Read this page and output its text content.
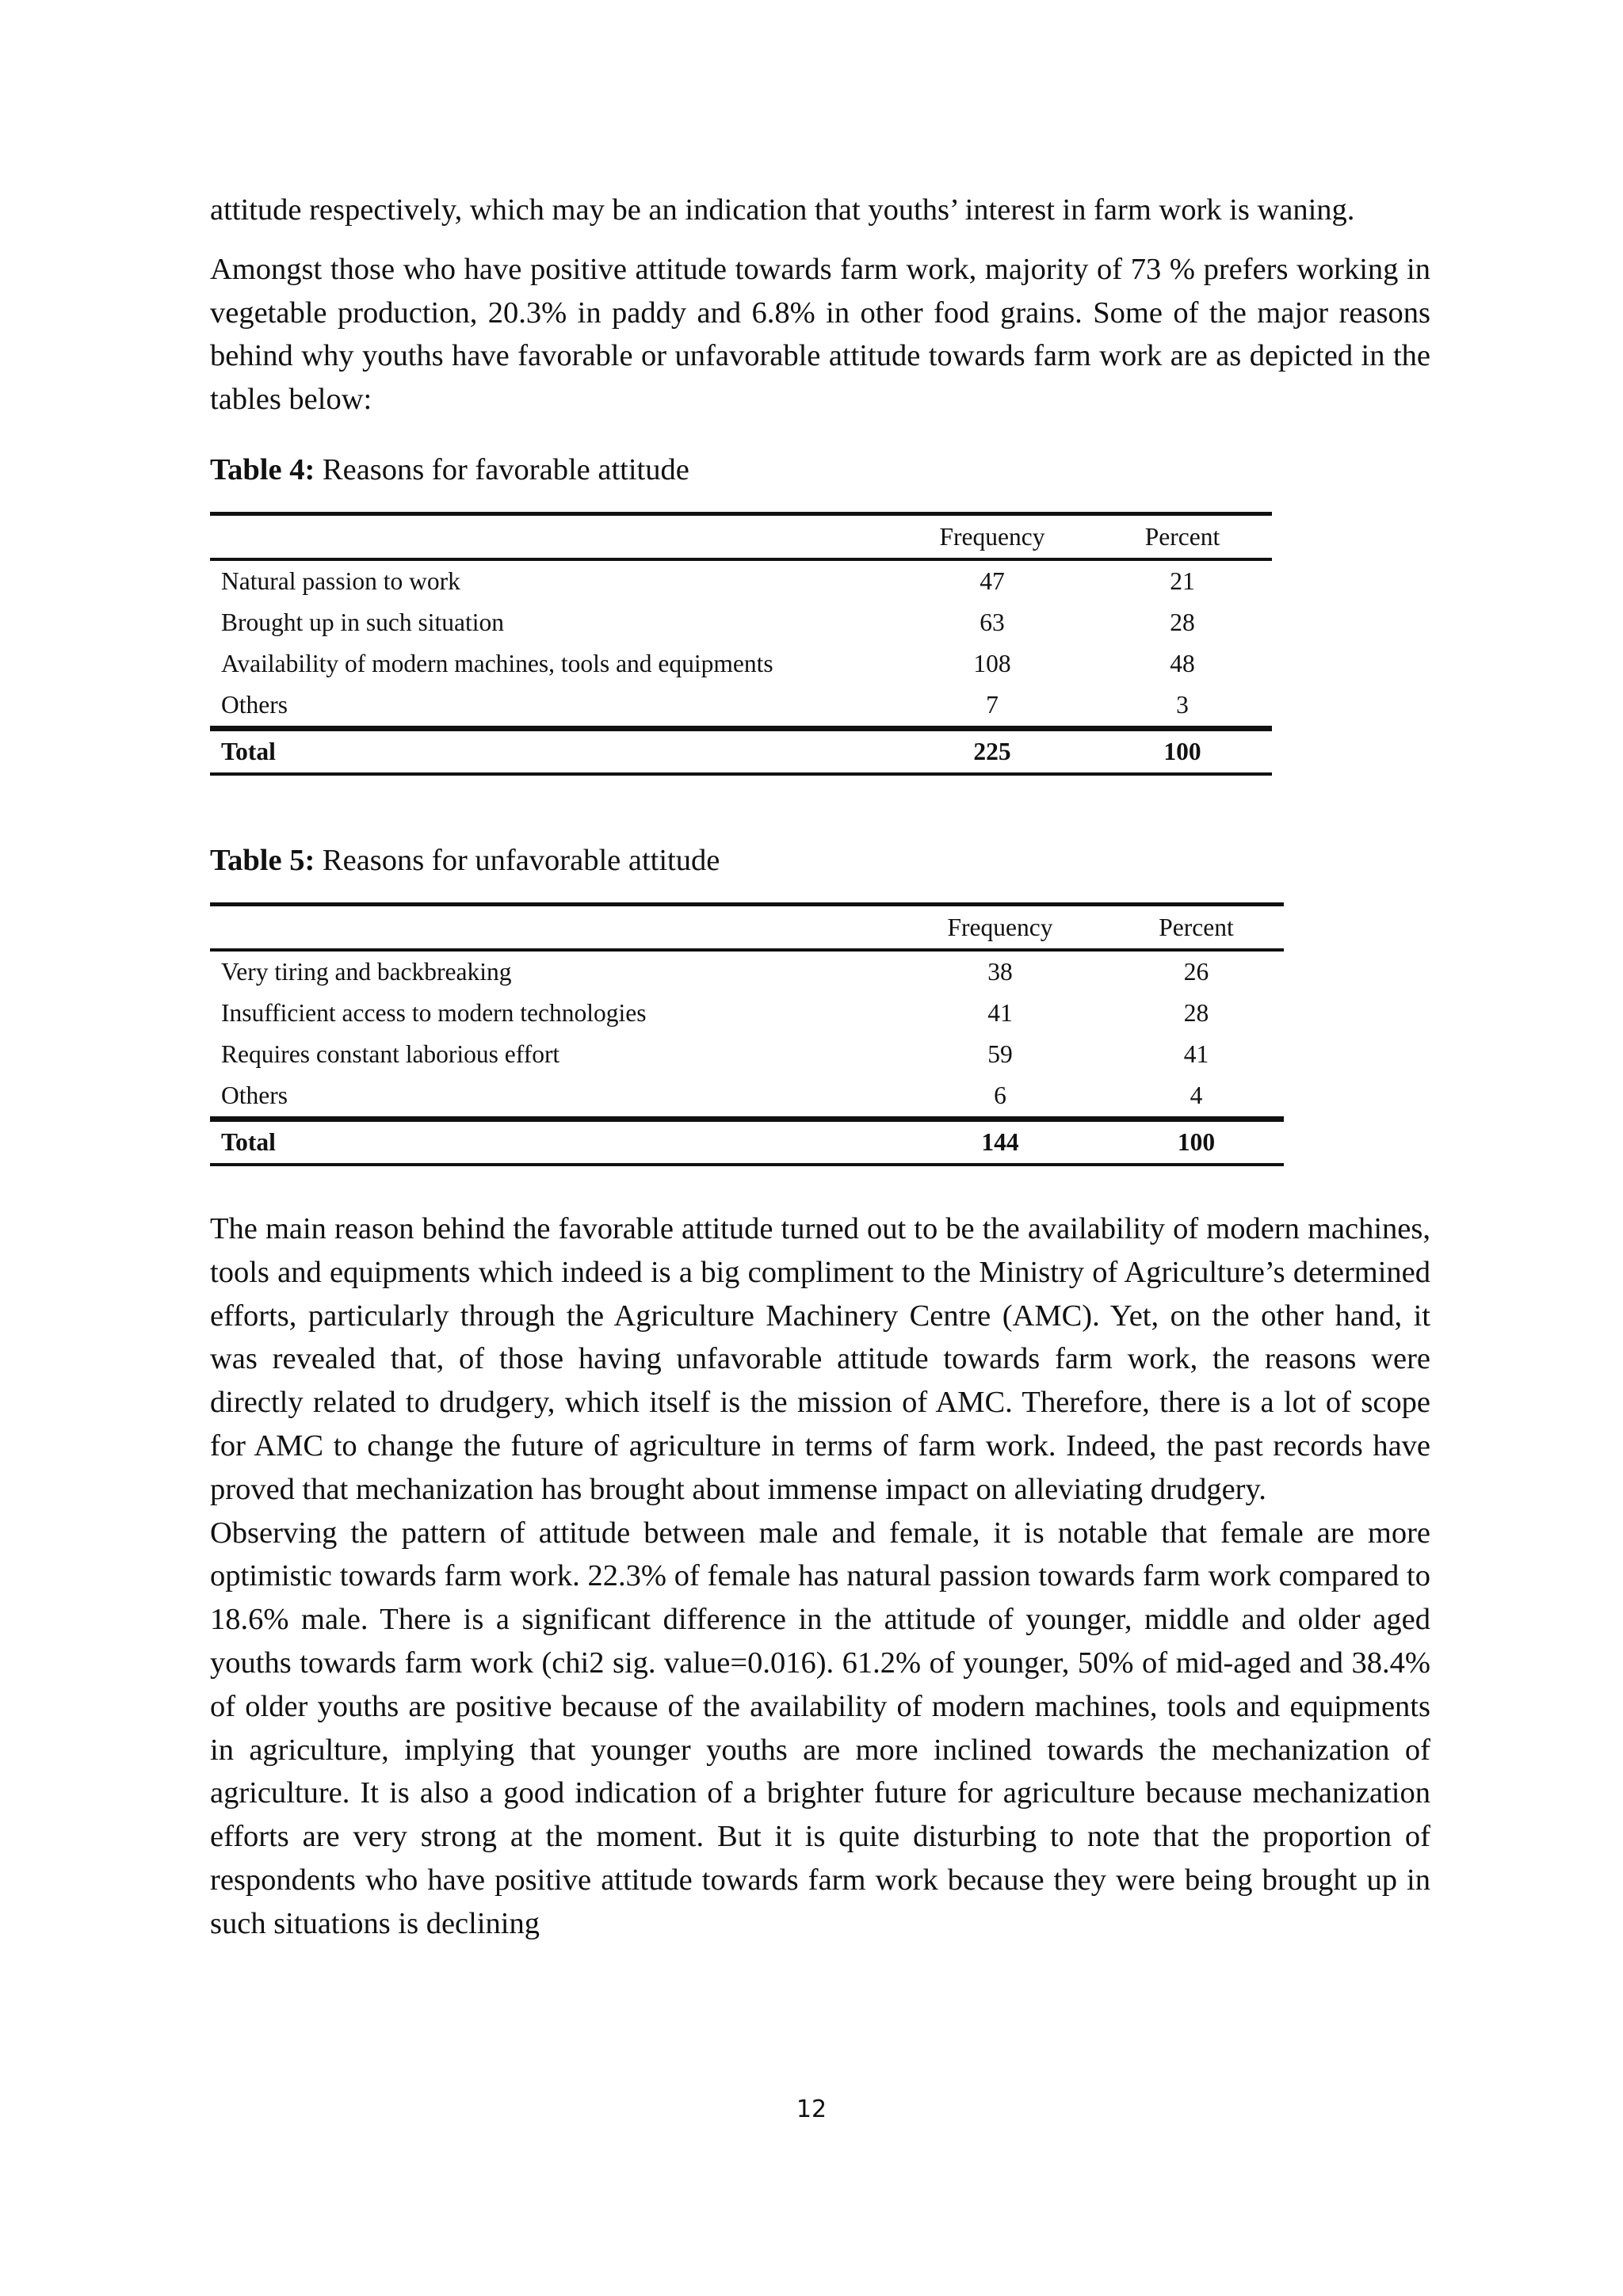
attitude respectively, which may be an indication that youths’ interest in farm work is waning.

Amongst those who have positive attitude towards farm work, majority of 73 % prefers working in vegetable production, 20.3% in paddy and 6.8% in other food grains. Some of the major reasons behind why youths have favorable or unfavorable attitude towards farm work are as depicted in the tables below:

Table 4: Reasons for favorable attitude

	Frequency	Percent
Natural passion to work	47	21
Brought up in such situation	63	28
Availability of modern machines, tools and equipments	108	48
Others	7	3
Total	225	100

Table 5: Reasons for unfavorable attitude

	Frequency	Percent
Very tiring and backbreaking	38	26
Insufficient access to modern technologies	41	28
Requires constant laborious effort	59	41
Others	6	4
Total	144	100

The main reason behind the favorable attitude turned out to be the availability of modern machines, tools and equipments which indeed is a big compliment to the Ministry of Agriculture’s determined efforts, particularly through the Agriculture Machinery Centre (AMC). Yet, on the other hand, it was revealed that, of those having unfavorable attitude towards farm work, the reasons were directly related to drudgery, which itself is the mission of AMC. Therefore, there is a lot of scope for AMC to change the future of agriculture in terms of farm work. Indeed, the past records have proved that mechanization has brought about immense impact on alleviating drudgery.

Observing the pattern of attitude between male and female, it is notable that female are more optimistic towards farm work. 22.3% of female has natural passion towards farm work compared to 18.6% male. There is a significant difference in the attitude of younger, middle and older aged youths towards farm work (chi2 sig. value=0.016). 61.2% of younger, 50% of mid-aged and 38.4% of older youths are positive because of the availability of modern machines, tools and equipments in agriculture, implying that younger youths are more inclined towards the mechanization of agriculture. It is also a good indication of a brighter future for agriculture because mechanization efforts are very strong at the moment. But it is quite disturbing to note that the proportion of respondents who have positive attitude towards farm work because they were being brought up in such situations is declining

12
